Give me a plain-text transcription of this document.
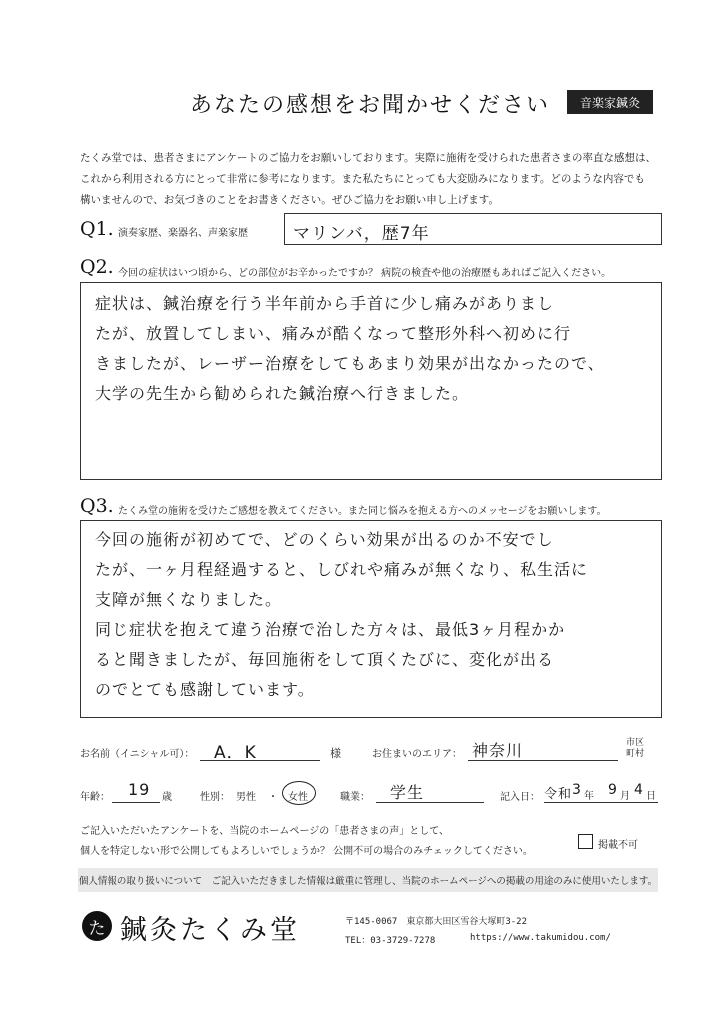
あなたの感想をお聞かせください	音楽家鍼灸
たくみ堂では、患者さまにアンケートのご協力をお願いしております。実際に施術を受けられた患者さまの率直な感想は、
これから利用される方にとって非常に参考になります。また私たちにとっても大変励みになります。どのような内容でも
構いませんので、お気づきのことをお書きください。ぜひご協力をお願い申し上げます。
Q1. 演奏家歴、楽器名、声楽家歴	マリンバ，歴7年
Q2. 今回の症状はいつ頃から、どの部位がお辛かったですか？ 病院の検査や他の治療歴もあればご記入ください。
症状は、鍼治療を行う半年前から手首に少し痛みがありまし
たが、放置してしまい、痛みが酷くなって整形外科へ初めに行
きましたが、レーザー治療をしてもあまり効果が出なかったので、
大学の先生から勧められた鍼治療へ行きました。
Q3. たくみ堂の施術を受けたご感想を教えてください。また同じ悩みを抱える方へのメッセージをお願いします。
今回の施術が初めてで、どのくらい効果が出るのか不安でし
たが、一ヶ月程経過すると、しびれや痛みが無くなり、私生活に
支障が無くなりました。
同じ症状を抱えて違う治療で治した方々は、最低3ヶ月程かか
ると聞きましたが、毎回施術をして頂くたびに、変化が出る
のでとても感謝しています。
お名前（イニシャル可）： A．K	様	お住まいのエリア： 神奈川	市区
町村
年齢： 19 歳	性別： 男性 ・ 女性	職業： 学生	記入日： 令和 3 年 9 月 4 日
ご記入いただいたアンケートを、当院のホームページの「患者さまの声」として、
個人を特定しない形で公開してもよろしいでしょうか？ 公開不可の場合のみチェックしてください。
掲載不可
個人情報の取り扱いについて　ご記入いただきました情報は厳重に管理し、当院のホームページへの掲載の用途のみに使用いたします。
た 鍼灸たくみ堂	〒145-0067　東京都大田区雪谷大塚町3-22
TEL：03-3729-7278	https://www.takumidou.com/
